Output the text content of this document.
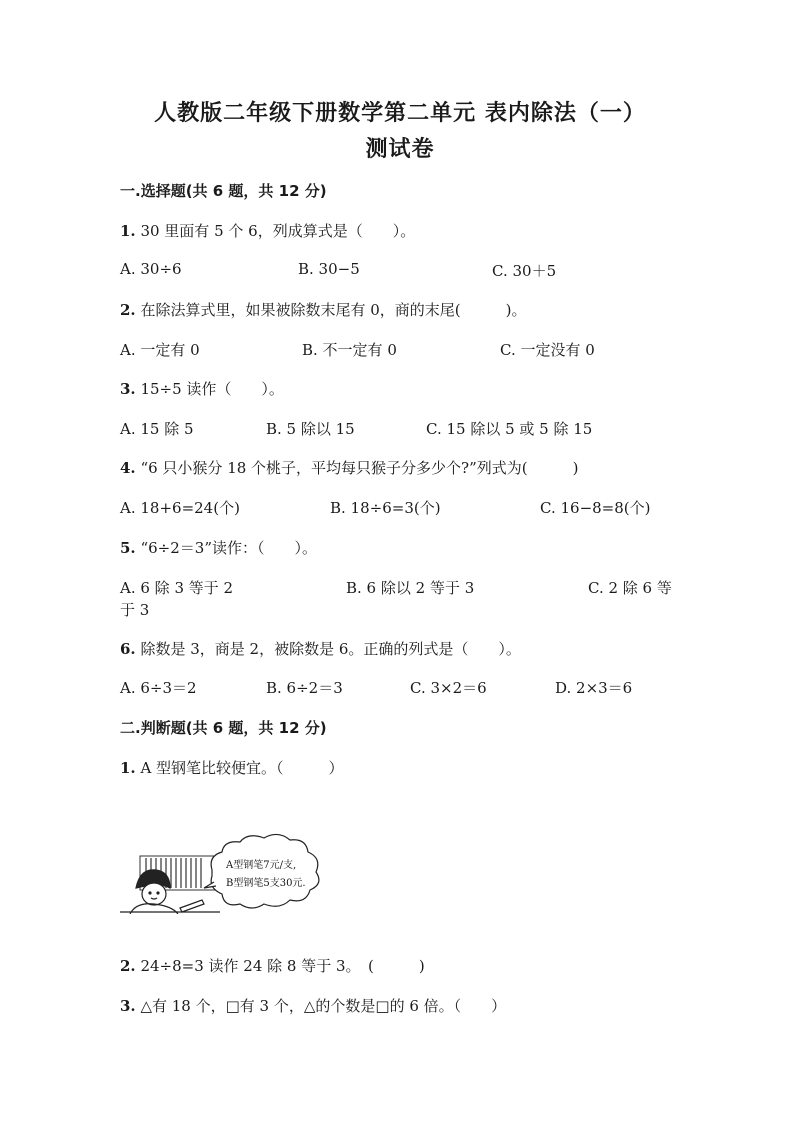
人教版二年级下册数学第二单元 表内除法（一）
测试卷
一.选择题(共 6 题，共 12 分)
1. 30 里面有 5 个 6，列成算式是（　　）。
A. 30÷6	B. 30−5	C. 30＋5
2. 在除法算式里，如果被除数末尾有 0，商的末尾(　　　)。
A. 一定有 0	B. 不一定有 0	C. 一定没有 0
3. 15÷5 读作（　　）。
A. 15 除 5	B. 5 除以 15	C. 15 除以 5 或 5 除 15
4. “6 只小猴分 18 个桃子，平均每只猴子分多少个?”列式为(　　　)
A. 18+6=24(个)	B. 18÷6=3(个)	C. 16−8=8(个)
5. “6÷2＝3”读作：（　　）。
A. 6 除 3 等于 2	B. 6 除以 2 等于 3	C. 2 除 6 等
于 3
6. 除数是 3，商是 2，被除数是 6。正确的列式是（　　）。
A. 6÷3＝2	B. 6÷2＝3	C. 3×2＝6	D. 2×3＝6
二.判断题(共 6 题，共 12 分)
1. A 型钢笔比较便宜。（　　　）
A型钢笔7元/支,
B型钢笔5支30元.
2. 24÷8=3 读作 24 除 8 等于 3。　(　　　)
3. △有 18 个，□有 3 个，△的个数是□的 6 倍。（　　）
